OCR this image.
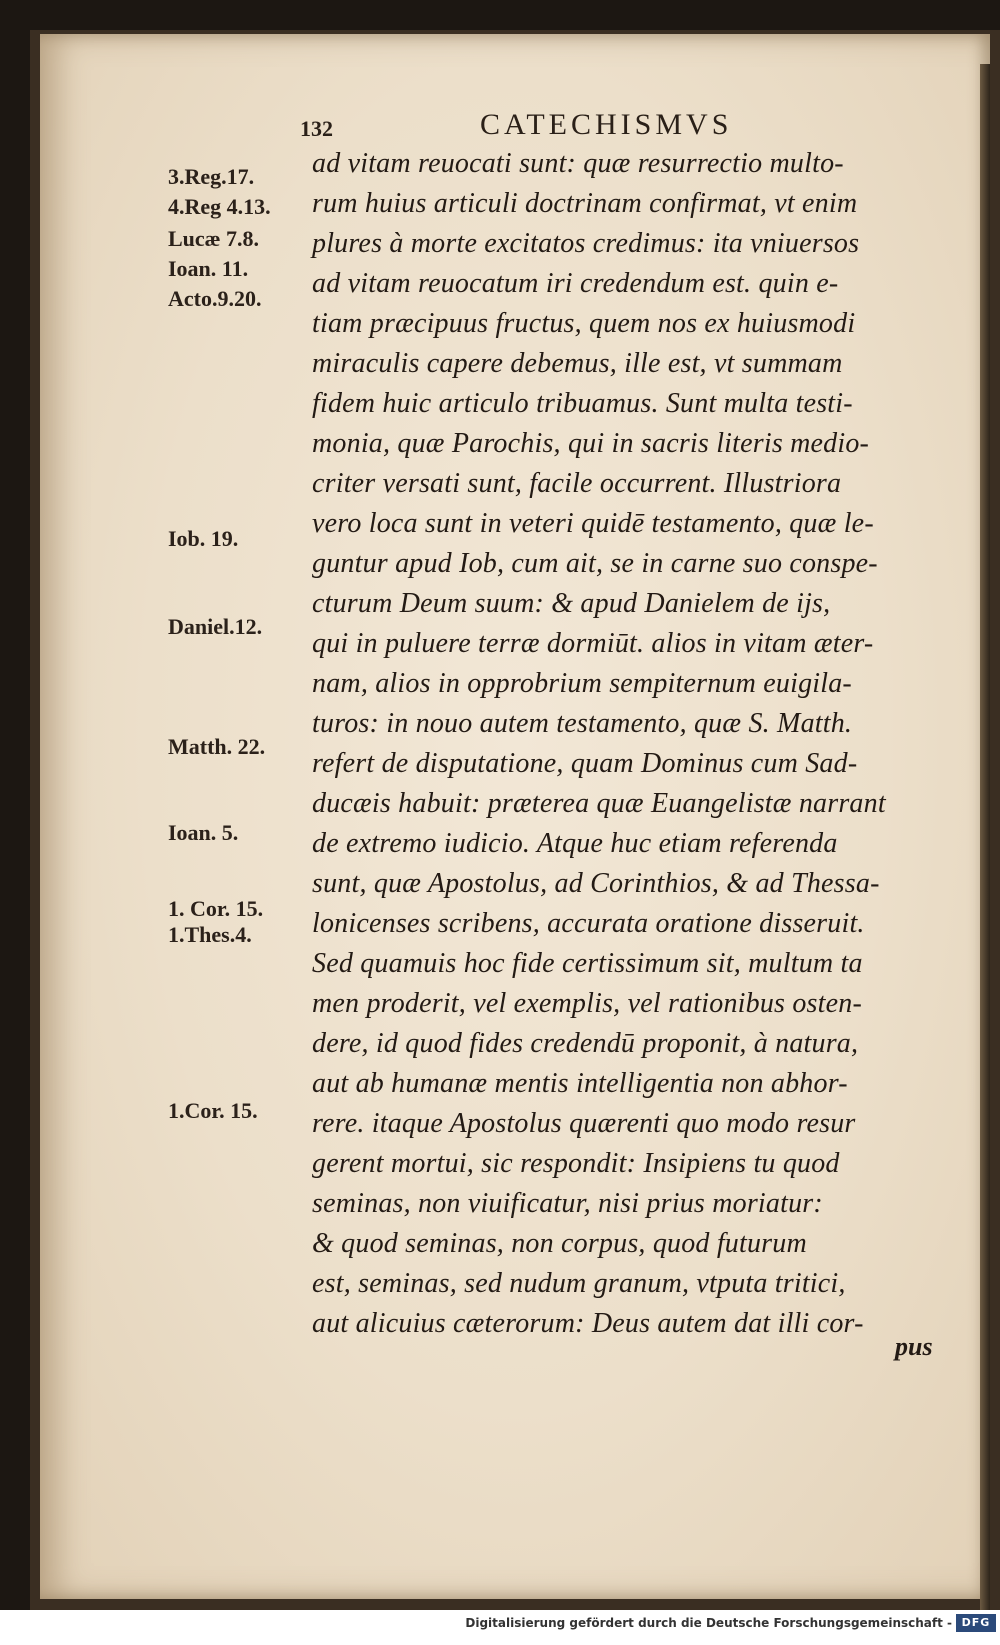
132	CATECHISMVS
3.Reg.17.
4.Reg 4.13.
Lucæ 7.8.
Ioan. 11.
Acto.9.20.
Iob. 19.
Daniel.12.
Matth. 22.
Ioan. 5.
1. Cor. 15.
1.Thes.4.
1.Cor. 15.
ad vitam reuocati sunt: quæ resurrectio multo-
rum huius articuli doctrinam confirmat, vt enim
plures à morte excitatos credimus: ita vniuersos
ad vitam reuocatum iri credendum est. quin e-
tiam præcipuus fructus, quem nos ex huiusmodi
miraculis capere debemus, ille est, vt summam
fidem huic articulo tribuamus. Sunt multa testi-
monia, quæ Parochis, qui in sacris literis medio-
criter versati sunt, facile occurrent. Illustriora
vero loca sunt in veteri quidē testamento, quæ le-
guntur apud Iob, cum ait, se in carne suo conspe-
cturum Deum suum: & apud Danielem de ijs,
qui in puluere terræ dormiūt. alios in vitam æter-
nam, alios in opprobrium sempiternum euigila-
turos: in nouo autem testamento, quæ S. Matth.
refert de disputatione, quam Dominus cum Sad-
ducæis habuit: præterea quæ Euangelistæ narrant
de extremo iudicio. Atque huc etiam referenda
sunt, quæ Apostolus, ad Corinthios, & ad Thessa-
lonicenses scribens, accurata oratione disseruit.
Sed quamuis hoc fide certissimum sit, multum ta
men proderit, vel exemplis, vel rationibus osten-
dere, id quod fides credendū proponit, à natura,
aut ab humanæ mentis intelligentia non abhor-
rere. itaque Apostolus quærenti quo modo resur
gerent mortui, sic respondit: Insipiens tu quod
seminas, non viuificatur, nisi prius moriatur:
& quod seminas, non corpus, quod futurum
est, seminas, sed nudum granum, vtputa tritici,
aut alicuius cæterorum: Deus autem dat illi cor-
pus
Digitalisierung gefördert durch die Deutsche Forschungsgemeinschaft - DFG
